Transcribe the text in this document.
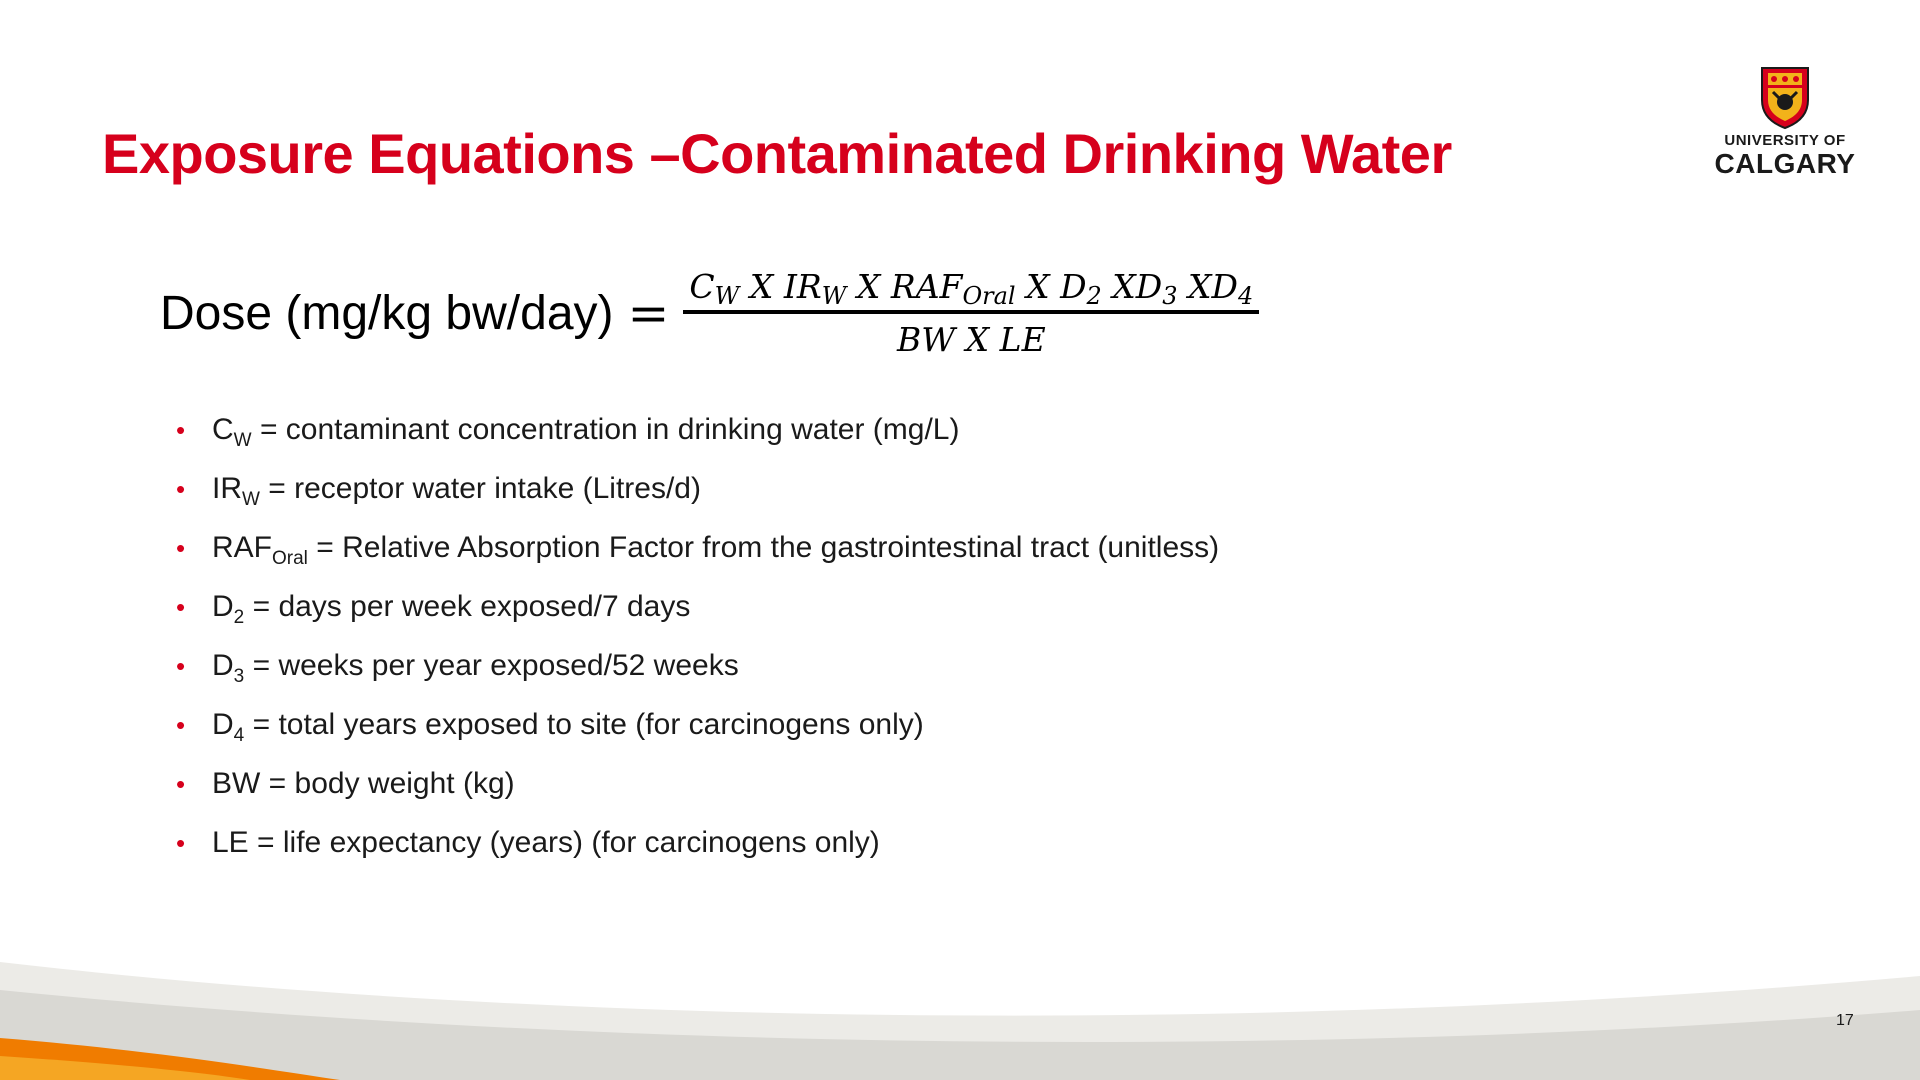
Exposure Equations –Contaminated Drinking Water	UNIVERSITY OF
CALGARY
Dose (mg/kg $bw/day) = \frac{C_W X IR_W X RAF_{Oral} X D_2 XD_3 XD_4}{\text{BW X LE}}$
• $C_W$ = contaminant concentration in drinking water (mg/L)
• $IR_W$ = receptor water intake (Litres/d)
• $RAF_{Oral}$ = Relative Absorption Factor from the gastrointestinal tract (unitless)
• $D_2$ = days per week exposed/7 days
• $D_3$ = weeks per year exposed/52 weeks
• $D_4$ = total years exposed to site (for carcinogens only)
• BW = body weight (kg)
• LE = life expectancy (years) (for carcinogens only)
17
